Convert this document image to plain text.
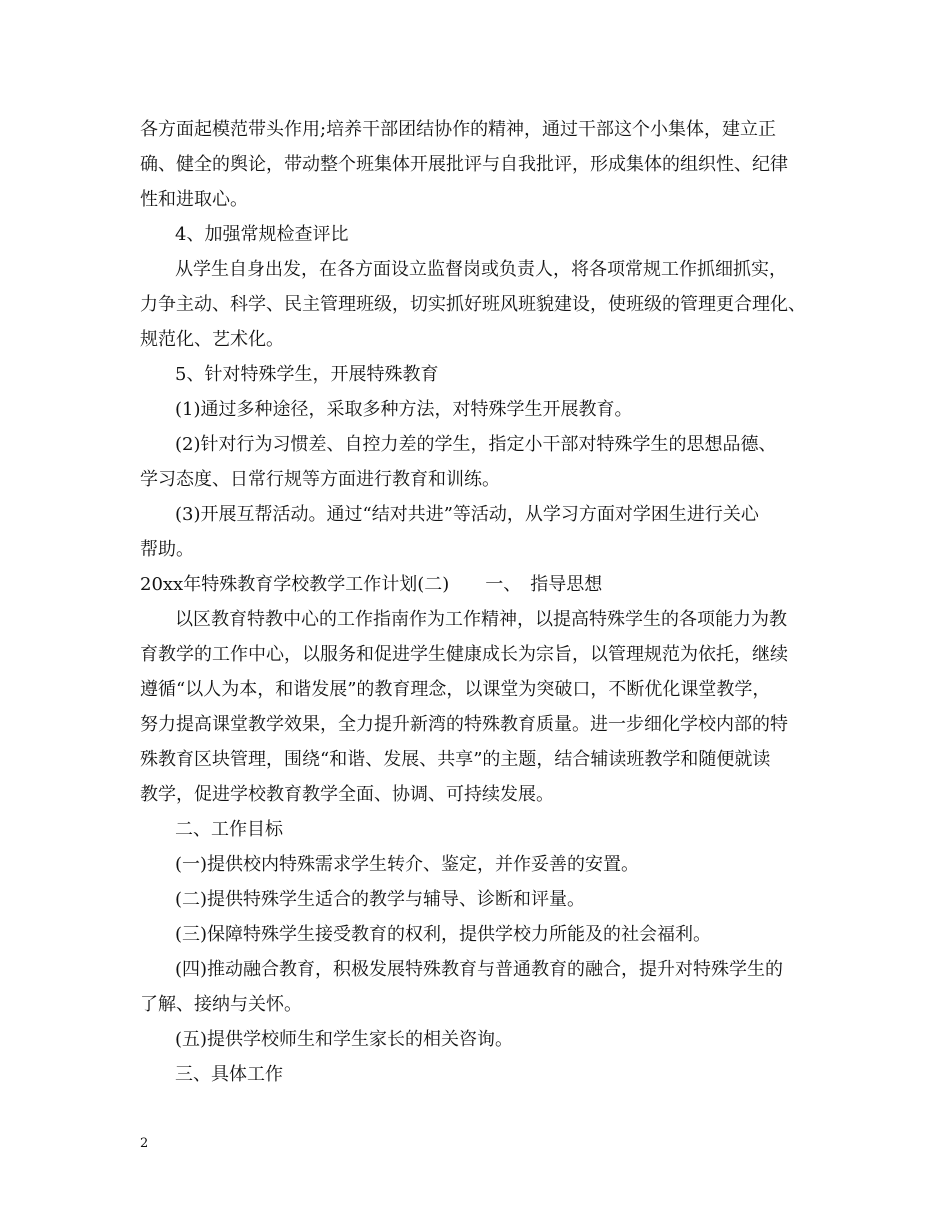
各方面起模范带头作用;培养干部团结协作的精神，通过干部这个小集体，建立正
确、健全的舆论，带动整个班集体开展批评与自我批评，形成集体的组织性、纪律
性和进取心。
4、加强常规检查评比
从学生自身出发，在各方面设立监督岗或负责人，将各项常规工作抓细抓实，
力争主动、科学、民主管理班级，切实抓好班风班貌建设，使班级的管理更合理化、
规范化、艺术化。
5、针对特殊学生，开展特殊教育
(1)通过多种途径，采取多种方法，对特殊学生开展教育。
(2)针对行为习惯差、自控力差的学生，指定小干部对特殊学生的思想品德、
学习态度、日常行规等方面进行教育和训练。
(3)开展互帮活动。通过“结对共进”等活动，从学习方面对学困生进行关心
帮助。
20xx年特殊教育学校教学工作计划(二)　　一、　指导思想
以区教育特教中心的工作指南作为工作精神，以提高特殊学生的各项能力为教
育教学的工作中心，以服务和促进学生健康成长为宗旨，以管理规范为依托，继续
遵循“以人为本，和谐发展”的教育理念，以课堂为突破口，不断优化课堂教学，
努力提高课堂教学效果，全力提升新湾的特殊教育质量。进一步细化学校内部的特
殊教育区块管理，围绕“和谐、发展、共享”的主题，结合辅读班教学和随便就读
教学，促进学校教育教学全面、协调、可持续发展。
二、工作目标
(一)提供校内特殊需求学生转介、鉴定，并作妥善的安置。
(二)提供特殊学生适合的教学与辅导、诊断和评量。
(三)保障特殊学生接受教育的权利，提供学校力所能及的社会福利。
(四)推动融合教育，积极发展特殊教育与普通教育的融合，提升对特殊学生的
了解、接纳与关怀。
(五)提供学校师生和学生家长的相关咨询。
三、具体工作
2
